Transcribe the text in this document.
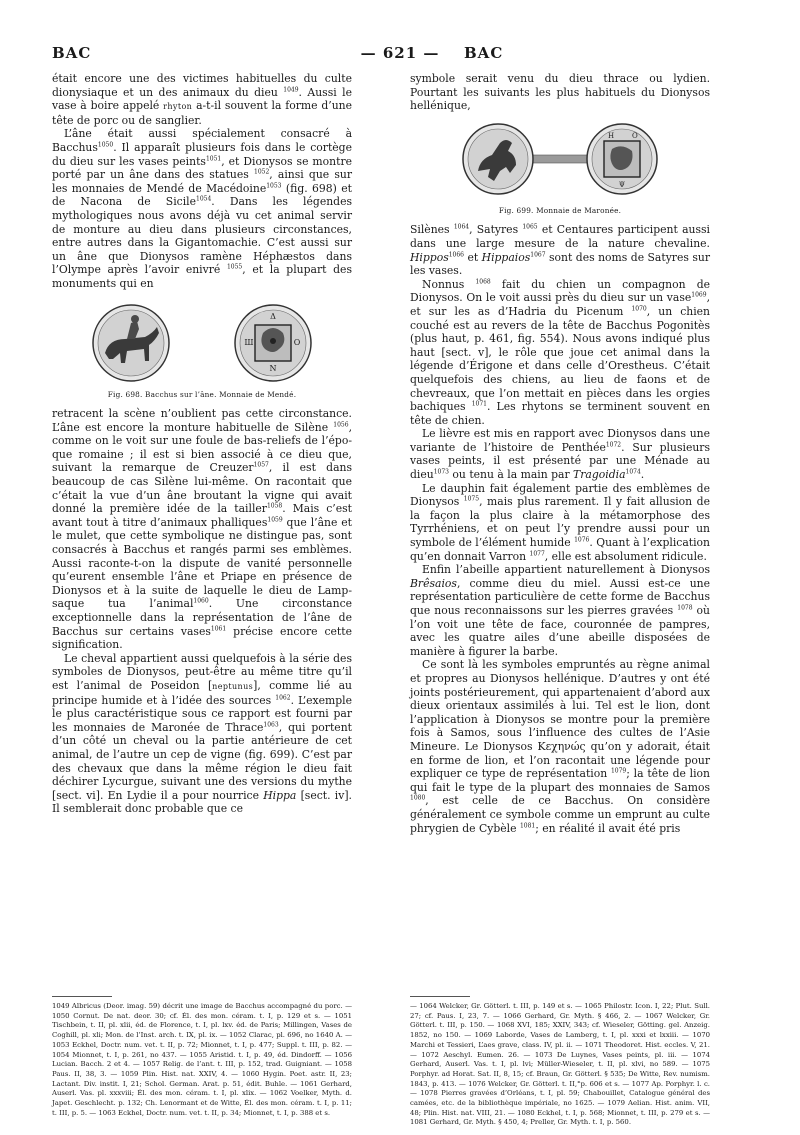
BAC	— 621 —	BAC

était encore une des victimes habituelles du culte dionysiaque et un des animaux du dieu $^{1049}$. Aussi le vase à boire appelé rhyton a-t-il souvent la forme d’une tête de porc ou de sanglier.

L’âne était aussi spécialement consacré à Bacchus$^{1050}$. Il apparaît plusieurs fois dans le cortège du dieu sur les vases peints$^{1051}$, et Dionysos se montre porté par un âne dans des statues $^{1052}$, ainsi que sur les monnaies de Mendé de Macédoine$^{1053}$ (fig. 698) et de Nacona de Sicile$^{1054}$. Dans les légendes mythologiques nous avons déjà vu cet animal servir de monture au dieu dans plusieurs circonstances, entre autres dans la Gigantomachie. C’est aussi sur un âne que Dionysos ramène Héphæstos dans l’Olympe après l’avoir enivré $^{1055}$, et la plupart des monuments qui en

Δ
Ш	Ο
Ν
Fig. 698. Bacchus sur l’âne. Monnaie de Mendé.

retracent la scène n’oublient pas cette circonstance. L’âne est encore la monture habituelle de Silène $^{1056}$, comme on le voit sur une foule de bas-reliefs de l’époque romaine ; il est si bien associé à ce dieu que, suivant la remarque de Creuzer$^{1057}$, il est dans beaucoup de cas Silène lui-même. On racontait que c’était la vue d’un âne broutant la vigne qui avait donné la première idée de la tailler$^{1058}$. Mais c’est avant tout à titre d’animaux phalliques$^{1059}$ que l’âne et le mulet, que cette symbolique ne distingue pas, sont consacrés à Bacchus et rangés parmi ses emblèmes. Aussi raconte-t-on la dispute de vanité personnelle qu’eurent ensemble l’âne et Priape en présence de Dionysos et à la suite de laquelle le dieu de Lampsaque tua l’animal$^{1060}$. Une circonstance exceptionnelle dans la représentation de l’âne de Bacchus sur certains vases$^{1061}$ précise encore cette signification.

Le cheval appartient aussi quelquefois à la série des symboles de Dionysos, peut-être au même titre qu’il est l’animal de Poseidon [neptunus], comme lié au principe humide et à l’idée des sources $^{1062}$. L’exemple le plus caractéristique sous ce rapport est fourni par les monnaies de Maronée de Thrace$^{1063}$, qui portent d’un côté un cheval ou la partie antérieure de cet animal, de l’autre un cep de vigne (fig. 699). C’est par des chevaux que dans la même région le dieu fait déchirer Lycurgue, suivant une des versions du mythe [sect. vi]. En Lydie il a pour nourrice Hippa [sect. iv]. Il semblerait donc probable que ce

symbole serait venu du dieu thrace ou lydien. Pourtant les suivants les plus habituels du Dionysos hellénique,

Η	Ο
Ψ
Fig. 699. Monnaie de Maronée.

Silènes $^{1064}$, Satyres $^{1065}$ et Centaures participent aussi dans une large mesure de la nature chevaline. Hippos$^{1066}$ et Hippaios$^{1067}$ sont des noms de Satyres sur les vases.

Nonnus $^{1068}$ fait du chien un compagnon de Dionysos. On le voit aussi près du dieu sur un vase$^{1069}$, et sur les as d’Hadria du Picenum $^{1070}$, un chien couché est au revers de la tête de Bacchus Pogonitès (plus haut, p. 461, fig. 554). Nous avons indiqué plus haut [sect. v], le rôle que joue cet animal dans la légende d’Érigone et dans celle d’Orestheus. C’était quelquefois des chiens, au lieu de faons et de chevreaux, que l’on mettait en pièces dans les orgies bachiques $^{1071}$. Les rhytons se terminent souvent en tête de chien.

Le lièvre est mis en rapport avec Dionysos dans une variante de l’histoire de Penthée$^{1072}$. Sur plusieurs vases peints, il est présenté par une Ménade au dieu$^{1073}$ ou tenu à la main par Tragoidia$^{1074}$.

Le dauphin fait également partie des emblèmes de Dionysos $^{1075}$, mais plus rarement. Il y fait allusion de la façon la plus claire à la métamorphose des Tyrrhéniens, et on peut l’y prendre aussi pour un symbole de l’élément humide $^{1076}$. Quant à l’explication qu’en donnait Varron $^{1077}$, elle est absolument ridicule.

Enfin l’abeille appartient naturellement à Dionysos Brêsaios, comme dieu du miel. Aussi est-ce une représentation particulière de cette forme de Bacchus que nous reconnaissons sur les pierres gravées $^{1078}$ où l’on voit une tête de face, couronnée de pampres, avec les quatre ailes d’une abeille disposées de manière à figurer la barbe.

Ce sont là les symboles empruntés au règne animal et propres au Dionysos hellénique. D’autres y ont été joints postérieurement, qui appartenaient d’abord aux dieux orientaux assimilés à lui. Tel est le lion, dont l’application à Dionysos se montre pour la première fois à Samos, sous l’influence des cultes de l’Asie Mineure. Le Dionysos Κεχηνώς qu’on y adorait, était en forme de lion, et l’on racontait une légende pour expliquer ce type de représentation $^{1079}$; la tête de lion qui fait le type de la plupart des monnaies de Samos $^{1080}$, est celle de ce Bacchus. On considère généralement ce symbole comme un emprunt au culte phrygien de Cybèle $^{1081}$; en réalité il avait été pris

1049 Albricus (Deor. imag. 59) décrit une image de Bacchus accompagné du porc. — 1050 Cornut. De nat. deor. 30; cf. Él. des mon. céram. t. I, p. 129 et s. — 1051 Tischbein, t. II, pl. xlii, éd. de Florence, t. I, pl. lxv. éd. de Paris; Millingen, Vases de Coghill, pl. xli; Mon. de l’Inst. arch. t. IX, pl. ix. — 1052 Clarac, pl. 696, no 1640 A. — 1053 Eckhel, Doctr. num. vet. t. II, p. 72; Mionnet, t. I, p. 477; Suppl. t. III, p. 82. — 1054 Mionnet, t. I, p. 261, no 437. — 1055 Aristid. t. I, p. 49, éd. Dindorff. — 1056 Lucian. Bacch. 2 et 4. — 1057 Relig. de l’ant. t. III, p. 152, trad. Guigniant. — 1058 Paus. II, 38, 3. — 1059 Plin. Hist. nat. XXIV, 4. — 1060 Hygin. Poet. astr. II, 23; Lactant. Div. instit. I, 21; Schol. German. Arat. p. 51, édit. Buhle. — 1061 Gerhard, Auserl. Vas. pl. xxxviii; Él. des mon. céram. t. I, pl. xlix. — 1062 Voelker, Myth. d. Japet. Geschlecht. p. 132; Ch. Lenormant et de Witte, Él. des mon. céram. t. I, p. 11; t. III, p. 5. — 1063 Eckhel, Doctr. num. vet. t. II, p. 34; Mionnet, t. I, p. 388 et s.
— 1064 Welcker, Gr. Götterl. t. III, p. 149 et s. — 1065 Philostr. Icon. I, 22; Plut. Sull. 27; cf. Paus. I, 23, 7. — 1066 Gerhard, Gr. Myth. § 466, 2. — 1067 Welcker, Gr. Götterl. t. III, p. 150. — 1068 XVI, 185; XXIV, 343; cf. Wieseler, Götting. gel. Anzeig. 1852, no 150. — 1069 Laborde, Vases de Lamberg, t. I, pl. xxxi et lxxiii. — 1070 Marchi et Tessieri, L’aes grave, class. IV, pl. ii. — 1071 Theodoret. Hist. eccles. V, 21. — 1072 Aeschyl. Eumen. 26. — 1073 De Luynes, Vases peints, pl. iii. — 1074 Gerhard, Auserl. Vas. t. I, pl. lvi; Müller-Wieseler, t. II, pl. xlvi, no 589. — 1075 Porphyr. ad Horat. Sat. II, 8, 15; cf. Braun, Gr. Götterl. § 535; De Witte, Rev. numism. 1843, p. 413. — 1076 Welcker, Gr. Götterl. t. II,°p. 606 et s. — 1077 Ap. Porphyr. l. c. — 1078 Pierres gravées d’Orléans, t. I, pl. 59; Chabouillet, Catalogue général des camées, etc. de la bibliothèque impériale, no 1625. — 1079 Aelian. Hist. anim. VII, 48; Plin. Hist. nat. VIII, 21. — 1080 Eckhel, t. I, p. 568; Mionnet, t. III, p. 279 et s. — 1081 Gerhard, Gr. Myth. § 450, 4; Preller, Gr. Myth. t. I, p. 560.
